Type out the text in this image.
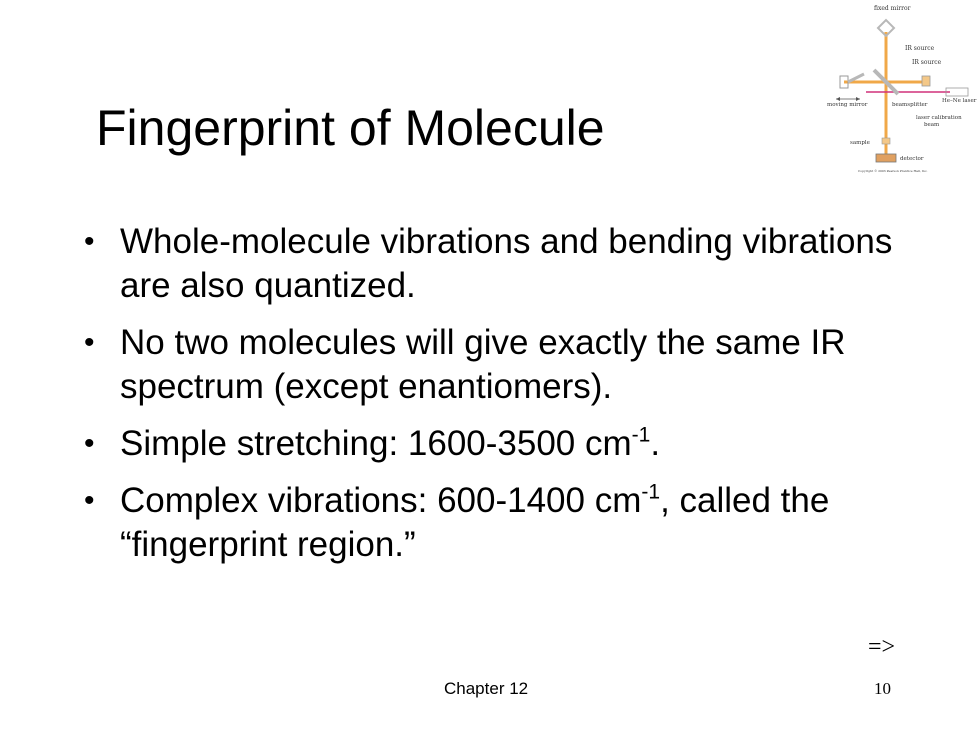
Fingerprint of Molecule
fixed mirror
IR source
IR source
He–Ne laser
moving mirror	beamsplitter
laser calibration
beam
sample
detector
Copyright © 2003 Pearson Prentice Hall, Inc.
• Whole-molecule vibrations and bending vibrations are also quantized.
• No two molecules will give exactly the same IR spectrum (except enantiomers).
• Simple stretching: 1600-3500 $cm^{-1}$.
• Complex vibrations: 600-1400 $cm^{-1}$, called the “fingerprint region.”
=>
Chapter 12	10
